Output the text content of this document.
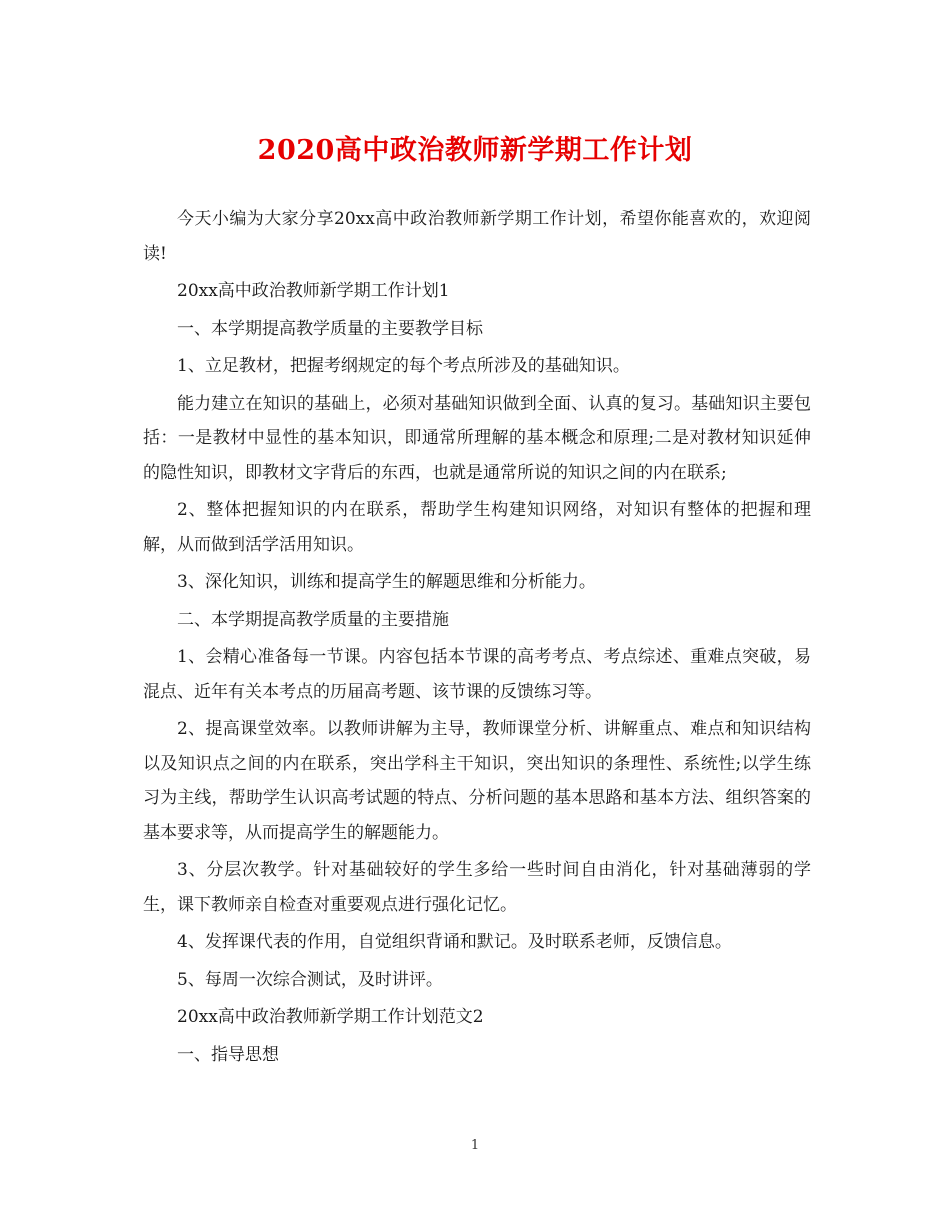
2020高中政治教师新学期工作计划

今天小编为大家分享20xx高中政治教师新学期工作计划，希望你能喜欢的，欢迎阅读!

20xx高中政治教师新学期工作计划1

一、本学期提高教学质量的主要教学目标

1、立足教材，把握考纲规定的每个考点所涉及的基础知识。

能力建立在知识的基础上，必须对基础知识做到全面、认真的复习。基础知识主要包括：一是教材中显性的基本知识，即通常所理解的基本概念和原理;二是对教材知识延伸的隐性知识，即教材文字背后的东西，也就是通常所说的知识之间的内在联系;

2、整体把握知识的内在联系，帮助学生构建知识网络，对知识有整体的把握和理解，从而做到活学活用知识。

3、深化知识，训练和提高学生的解题思维和分析能力。

二、本学期提高教学质量的主要措施

1、会精心准备每一节课。内容包括本节课的高考考点、考点综述、重难点突破，易混点、近年有关本考点的历届高考题、该节课的反馈练习等。

2、提高课堂效率。以教师讲解为主导，教师课堂分析、讲解重点、难点和知识结构以及知识点之间的内在联系，突出学科主干知识，突出知识的条理性、系统性;以学生练习为主线，帮助学生认识高考试题的特点、分析问题的基本思路和基本方法、组织答案的基本要求等，从而提高学生的解题能力。

3、分层次教学。针对基础较好的学生多给一些时间自由消化，针对基础薄弱的学生，课下教师亲自检查对重要观点进行强化记忆。

4、发挥课代表的作用，自觉组织背诵和默记。及时联系老师，反馈信息。

5、每周一次综合测试，及时讲评。

20xx高中政治教师新学期工作计划范文2

一、指导思想

1
